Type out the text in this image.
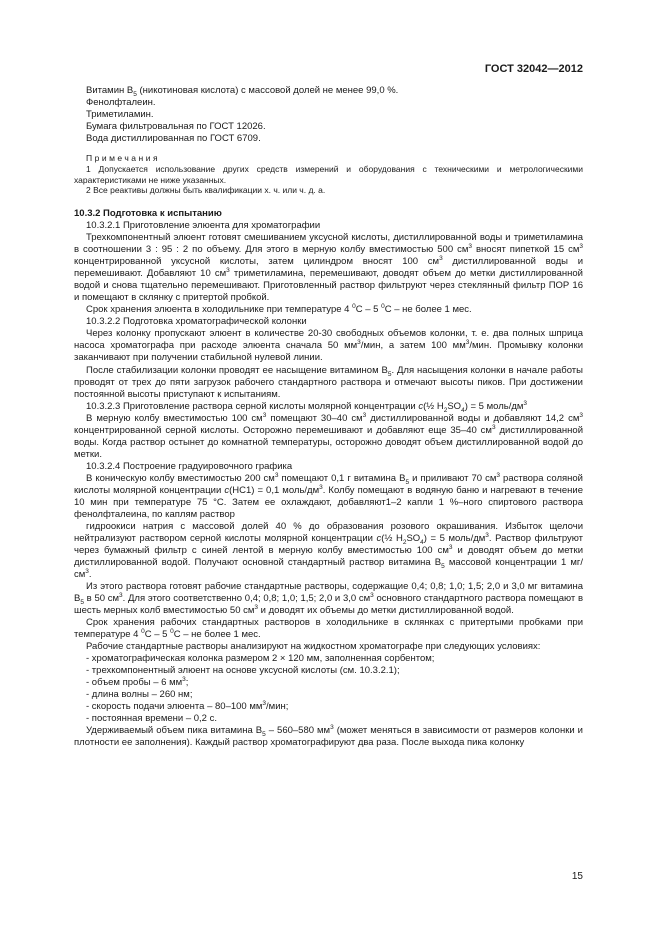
ГОСТ 32042—2012

Витамин $B_5$ (никотиновая кислота) с массовой долей не менее 99,0 %.

Фенолфталеин.

Триметиламин.

Бумага фильтровальная по ГОСТ 12026.

Вода дистиллированная по ГОСТ 6709.

Примечания

1 Допускается использование других средств измерений и оборудования с техническими и метрологическими характеристиками не ниже указанных.

2 Все реактивы должны быть квалификации х. ч. или ч. д. а.

10.3.2 Подготовка к испытанию

10.3.2.1 Приготовление элюента для хроматографии

Трехкомпонентный элюент готовят смешиванием уксусной кислоты, дистиллированной воды и триметиламина в соотношении 3 : 95 : 2 по объему. Для этого в мерную колбу вместимостью 500 $см^3$ вносят пипеткой 15 $см^3$ концентрированной уксусной кислоты, затем цилиндром вносят 100 $см^3$ дистиллированной воды и перемешивают. Добавляют 10 $см^3$ триметиламина, перемешивают, доводят объем до метки дистиллированной водой и снова тщательно перемешивают. Приготовленный раствор фильтруют через стеклянный фильтр ПОР 16 и помещают в склянку с притертой пробкой.

Срок хранения элюента в холодильнике при температуре 4 $^0$С – 5 $^0$С – не более 1 мес.

10.3.2.2 Подготовка хроматографической колонки

Через колонку пропускают элюент в количестве 20-30 свободных объемов колонки, т. е. два полных шприца насоса хроматографа при расходе элюента сначала 50 $мм^3$/мин, а затем 100 $мм^3$/мин. Промывку колонки заканчивают при получении стабильной нулевой линии.

После стабилизации колонки проводят ее насыщение витамином $B_5$. Для насыщения колонки в начале работы проводят от трех до пяти загрузок рабочего стандартного раствора и отмечают высоты пиков. При достижении постоянной высоты приступают к испытаниям.

10.3.2.3 Приготовление раствора серной кислоты молярной концентрации c(½ $H_2SO_4) = 5$ моль/$дм^3$

В мерную колбу вместимостью 100 $см^3$ помещают 30–40 $см^3$ дистиллированной воды и добавляют 14,2 $см^3$ концентрированной серной кислоты. Осторожно перемешивают и добавляют еще 35–40 $см^3$ дистиллированной воды. Когда раствор остынет до комнатной температуры, осторожно доводят объем дистиллированной водой до метки.

10.3.2.4 Построение градуировочного графика

В коническую колбу вместимостью 200 $см^3$ помещают 0,1 г витамина $B_5$ и приливают 70 $см^3$ раствора соляной кислоты молярной концентрации c(HC1) = 0,1 моль/$дм^3$. Колбу помещают в водяную баню и нагревают в течение 10 мин при температуре 75 °С. Затем ее охлаждают, добавляют1–2 капли 1 %–ного спиртового раствора фенолфталеина, по каплям раствор

гидроокиси натрия с массовой долей 40 % до образования розового окрашивания. Избыток щелочи нейтрализуют раствором серной кислоты молярной концентрации c(½ $H_2SO_4) = 5$ моль/$дм^3$. Раствор фильтруют через бумажный фильтр с синей лентой в мерную колбу вместимостью 100 $см^3$ и доводят объем до метки дистиллированной водой. Получают основной стандартный раствор витамина $B_5$ массовой концентрации 1 $мг/см^3$.

Из этого раствора готовят рабочие стандартные растворы, содержащие 0,4; 0,8; 1,0; 1,5; 2,0 и 3,0 мг витамина $B_5$ в 50 $см^3$. Для этого соответственно 0,4; 0,8; 1,0; 1,5; 2,0 и 3,0 $см^3$ основного стандартного раствора помещают в шесть мерных колб вместимостью 50 $см^3$ и доводят их объемы до метки дистиллированной водой.

Срок хранения рабочих стандартных растворов в холодильнике в склянках с притертыми пробками при температуре 4 $^0$С – 5 $^0$С – не более 1 мес.

Рабочие стандартные растворы анализируют на жидкостном хроматографе при следующих условиях:

- хроматографическая колонка размером 2 × 120 мм, заполненная сорбентом;

- трехкомпонентный элюент на основе уксусной кислоты (см. 10.3.2.1);

- объем пробы – 6 $мм^3$;

- длина волны – 260 нм;

- скорость подачи элюента – 80–100 $мм^3$/мин;

- постоянная времени – 0,2 с.

Удерживаемый объем пика витамина $B_5 - 560-580$ $мм^3$ (может меняться в зависимости от размеров колонки и плотности ее заполнения). Каждый раствор хроматографируют два раза. После выхода пика колонку

15
